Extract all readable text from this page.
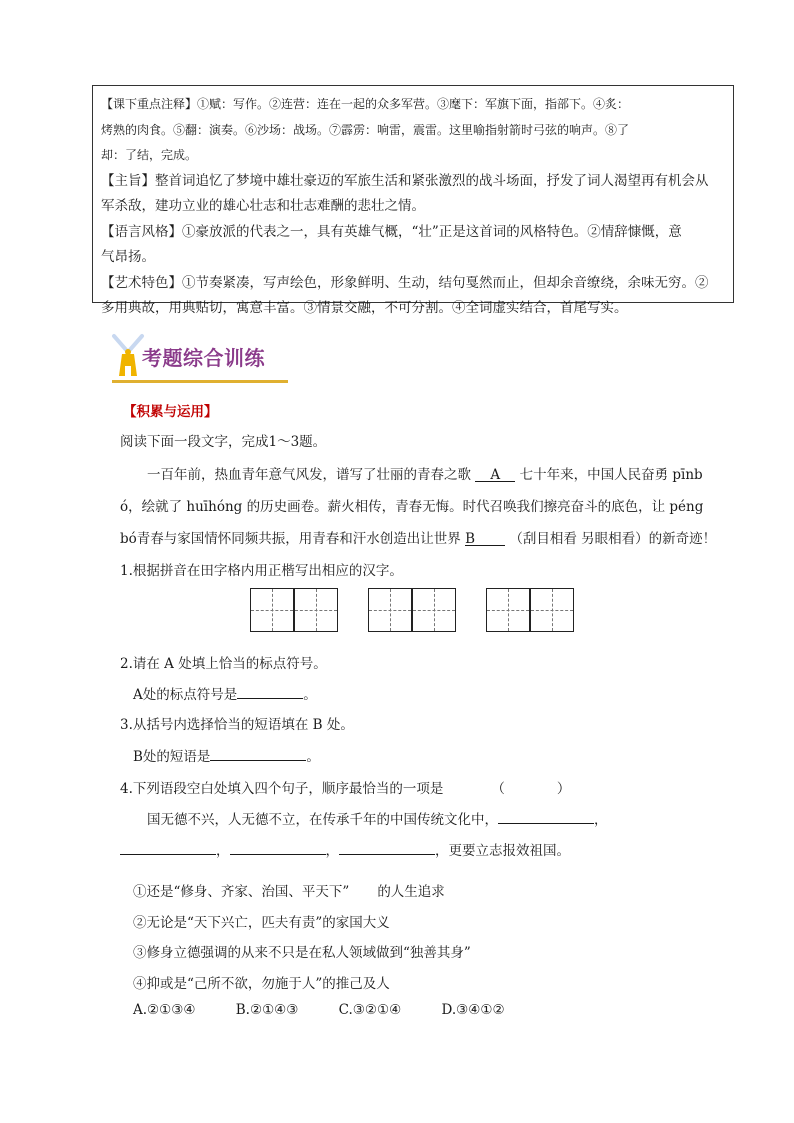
【课下重点注释】①赋：写作。②连营：连在一起的众多军营。③麾下：军旗下面，指部下。④炙：

烤熟的肉食。⑤翻：演奏。⑥沙场：战场。⑦霹雳：响雷，震雷。这里喻指射箭时弓弦的响声。⑧了

却：了结，完成。

【主旨】整首词追忆了梦境中雄壮豪迈的军旅生活和紧张激烈的战斗场面，抒发了词人渴望再有机会从

军杀敌，建功立业的雄心壮志和壮志难酬的悲壮之情。

【语言风格】①豪放派的代表之一，具有英雄气概，“壮”正是这首词的风格特色。②情辞慷慨，意

气昂扬。

【艺术特色】①节奏紧凑，写声绘色，形象鲜明、生动，结句戛然而止，但却余音缭绕，余味无穷。②

多用典故，用典贴切，寓意丰富。③情景交融，不可分割。④全词虚实结合，首尾写实。

考题综合训练
【积累与运用】
阅读下面一段文字，完成1～3题。
一百年前，热血青年意气风发，谱写了壮丽的青春之歌 A 七十年来，中国人民奋勇 pīnb
ó，绘就了 huīhóng 的历史画卷。薪火相传，青春无悔。时代召唤我们擦亮奋斗的底色，让 péng
bó青春与家国情怀同频共振，用青春和汗水创造出让世界 B	（刮目相看 另眼相看）的新奇迹！
1.根据拼音在田字格内用正楷写出相应的汉字。
2.请在 A 处填上恰当的标点符号。
A处的标点符号是	。
3.从括号内选择恰当的短语填在 B 处。
B处的短语是	。
4.下列语段空白处填入四个句子，顺序最恰当的一项是	（	）
国无德不兴，人无德不立，在传承千年的中国传统文化中，	，
，	，	，更要立志报效祖国。
①还是“修身、齐家、治国、平天下” 的人生追求
②无论是“天下兴亡，匹夫有责”的家国大义
③修身立德强调的从来不只是在私人领域做到“独善其身”
④抑或是“己所不欲，勿施于人”的推己及人
A.②①③④	B.②①④③	C.③②①④	D.③④①②
